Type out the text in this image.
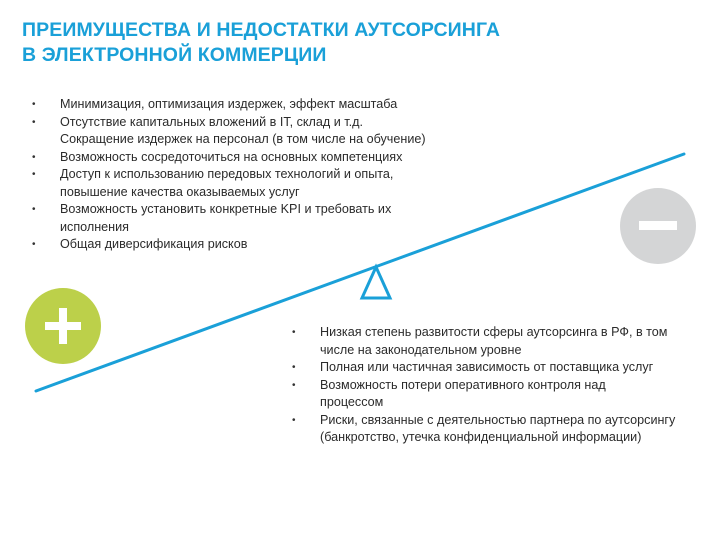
ПРЕИМУЩЕСТВА И НЕДОСТАТКИ АУТСОРСИНГА
В ЭЛЕКТРОННОЙ КОММЕРЦИИ
• Минимизация, оптимизация издержек, эффект масштаба
• Отсутствие капитальных вложений в IT, склад и т.д.
Сокращение издержек на персонал (в том числе на обучение)
• Возможность сосредоточиться на основных компетенциях
• Доступ к использованию передовых технологий и опыта,
повышение качества оказываемых услуг
• Возможность установить конкретные KPI и требовать их
исполнения
• Общая диверсификация рисков
• Низкая степень развитости сферы аутсорсинга в РФ, в том
числе на законодательном уровне
• Полная или частичная зависимость от поставщика услуг
• Возможность потери оперативного контроля над
процессом
• Риски, связанные с деятельностью партнера по аутсорсингу
(банкротство, утечка конфиденциальной информации)
